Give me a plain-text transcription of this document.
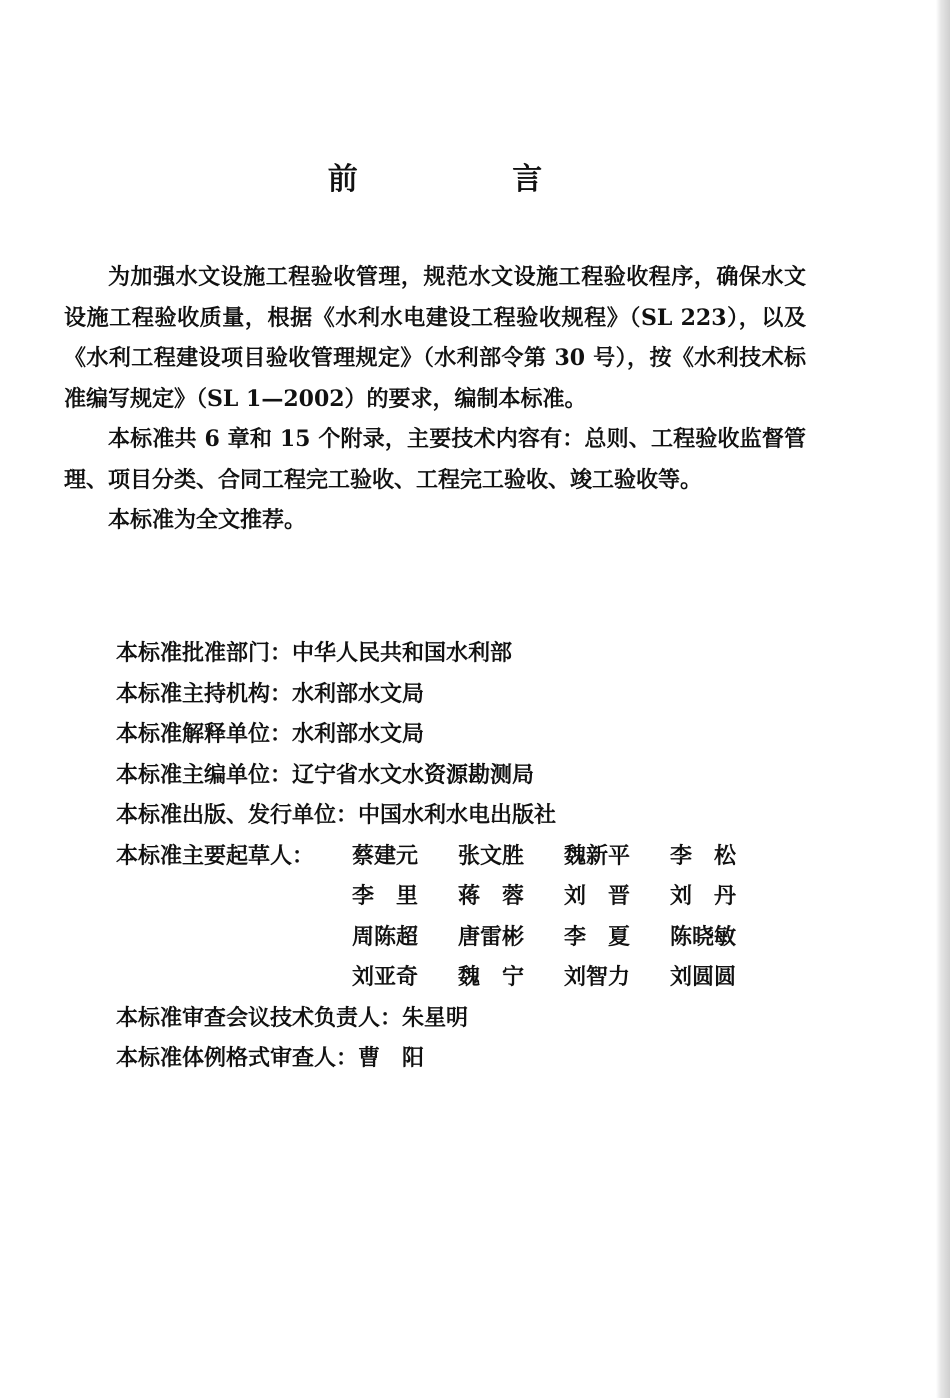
前 言

为加强水文设施工程验收管理，规范水文设施工程验收程序，确保水文设施工程验收质量，根据《水利水电建设工程验收规程》（SL 223），以及《水利工程建设项目验收管理规定》（水利部令第 30 号），按《水利技术标准编写规定》（SL 1—2002）的要求，编制本标准。

本标准共 6 章和 15 个附录，主要技术内容有：总则、工程验收监督管理、项目分类、合同工程完工验收、工程完工验收、竣工验收等。

本标准为全文推荐。

本标准批准部门：中华人民共和国水利部
本标准主持机构：水利部水文局
本标准解释单位：水利部水文局
本标准主编单位：辽宁省水文水资源勘测局
本标准出版、发行单位：中国水利水电出版社
本标准主要起草人： 蔡建元 张文胜 魏新平 李　松
李　里 蒋　蓉 刘　晋 刘　丹
周陈超 唐雷彬 李　夏 陈晓敏
刘亚奇 魏　宁 刘智力 刘圆圆
本标准审查会议技术负责人：朱星明
本标准体例格式审查人：曹　阳
